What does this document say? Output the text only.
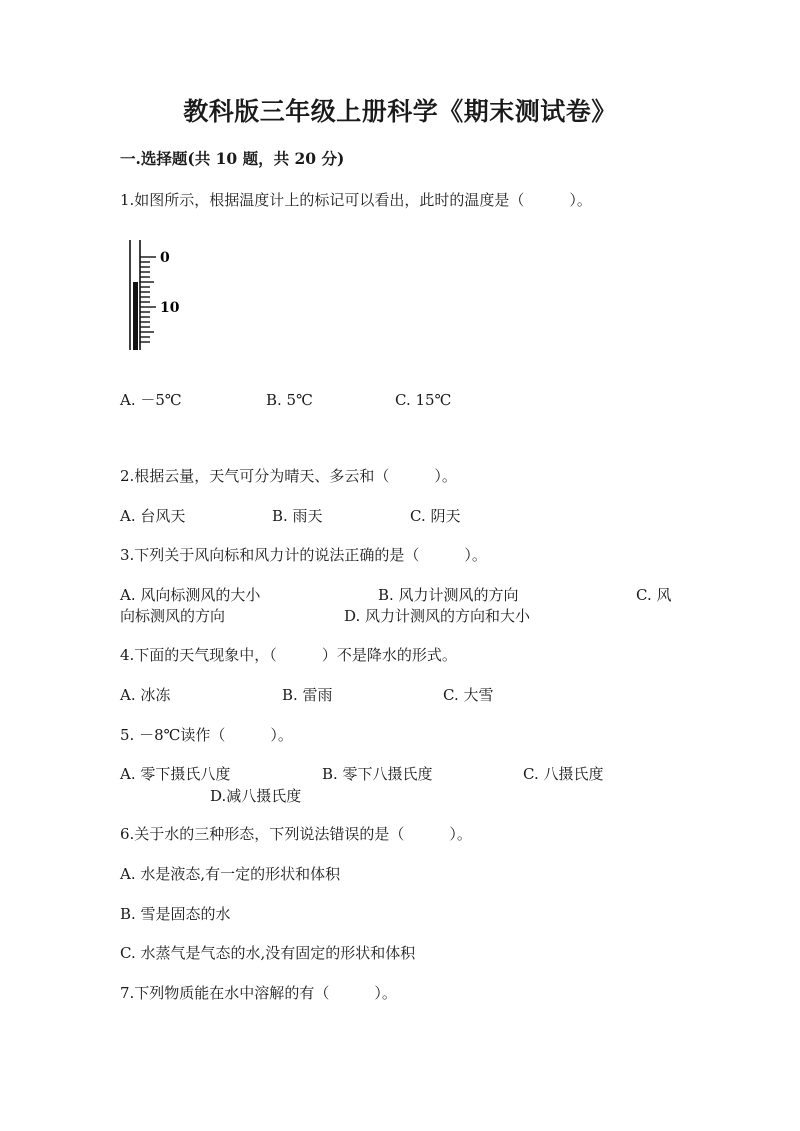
教科版三年级上册科学《期末测试卷》
一.选择题(共 10 题，共 20 分)
1.如图所示，根据温度计上的标记可以看出，此时的温度是（　　　）。
0
10
A. －5℃	B. 5℃	C. 15℃
2.根据云量，天气可分为晴天、多云和（　　　）。
A. 台风天	B. 雨天	C. 阴天
3.下列关于风向标和风力计的说法正确的是（　　　）。
A. 风向标测风的大小	B. 风力计测风的方向	C. 风
向标测风的方向	D. 风力计测风的方向和大小
4.下面的天气现象中，（　　　）不是降水的形式。
A. 冰冻	B. 雷雨	C. 大雪
5. －8℃读作（　　　）。
A. 零下摄氏八度	B. 零下八摄氏度	C. 八摄氏度
D.减八摄氏度
6.关于水的三种形态，下列说法错误的是（　　　）。
A. 水是液态,有一定的形状和体积
B. 雪是固态的水
C. 水蒸气是气态的水,没有固定的形状和体积
7.下列物质能在水中溶解的有（　　　）。
